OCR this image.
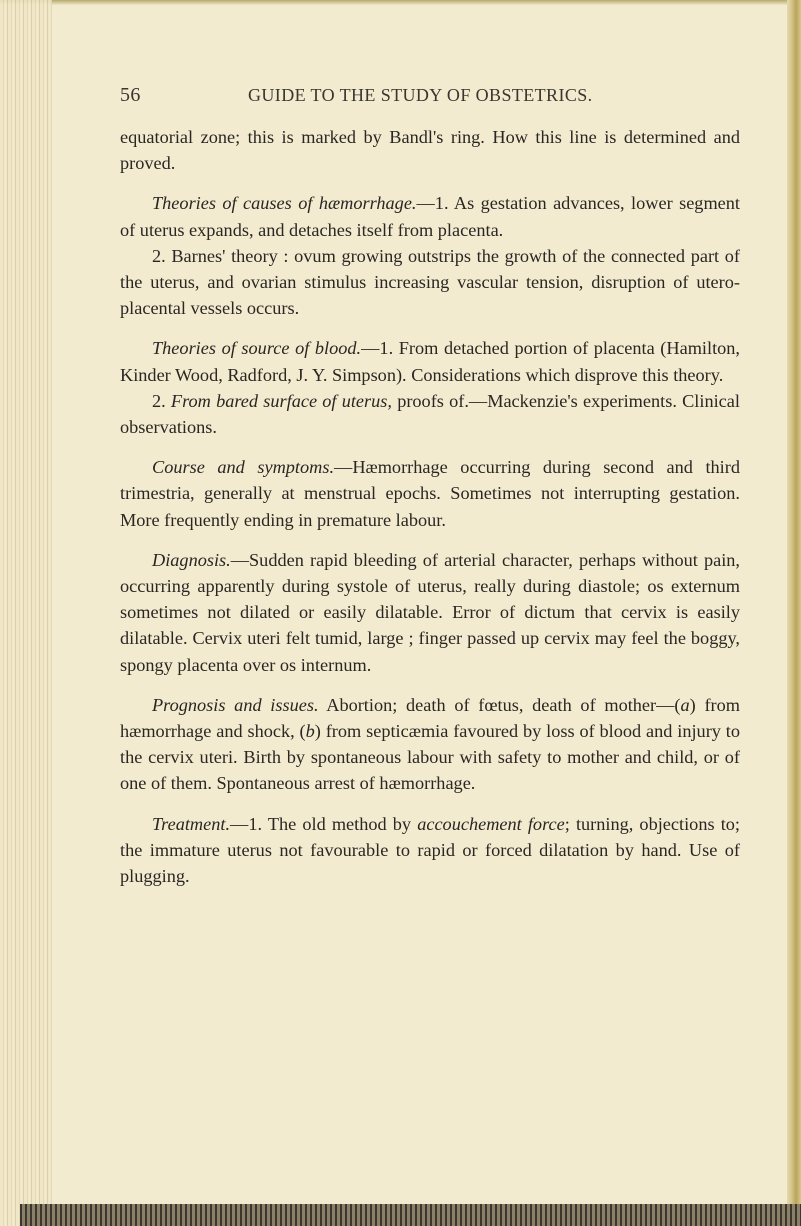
56	GUIDE TO THE STUDY OF OBSTETRICS.

equatorial zone; this is marked by Bandl's ring. How this line is determined and proved.

Theories of causes of hæmorrhage.—1. As gestation advances, lower segment of uterus expands, and detaches itself from placenta.

2. Barnes' theory : ovum growing outstrips the growth of the connected part of the uterus, and ovarian stimulus increasing vascular tension, disruption of utero-placental vessels occurs.

Theories of source of blood.—1. From detached portion of placenta (Hamilton, Kinder Wood, Radford, J. Y. Simpson). Considerations which disprove this theory.

2. From bared surface of uterus, proofs of.—Mackenzie's experiments. Clinical observations.

Course and symptoms.—Hæmorrhage occurring during second and third trimestria, generally at menstrual epochs. Sometimes not interrupting gestation. More frequently ending in premature labour.

Diagnosis.—Sudden rapid bleeding of arterial character, perhaps without pain, occurring apparently during systole of uterus, really during diastole; os externum sometimes not dilated or easily dilatable. Error of dictum that cervix is easily dilatable. Cervix uteri felt tumid, large ; finger passed up cervix may feel the boggy, spongy placenta over os internum.

Prognosis and issues. Abortion; death of fœtus, death of mother—(a) from hæmorrhage and shock, (b) from septicæmia favoured by loss of blood and injury to the cervix uteri. Birth by spontaneous labour with safety to mother and child, or of one of them. Spontaneous arrest of hæmorrhage.

Treatment.—1. The old method by accouchement force; turning, objections to; the immature uterus not favourable to rapid or forced dilatation by hand. Use of plugging.
